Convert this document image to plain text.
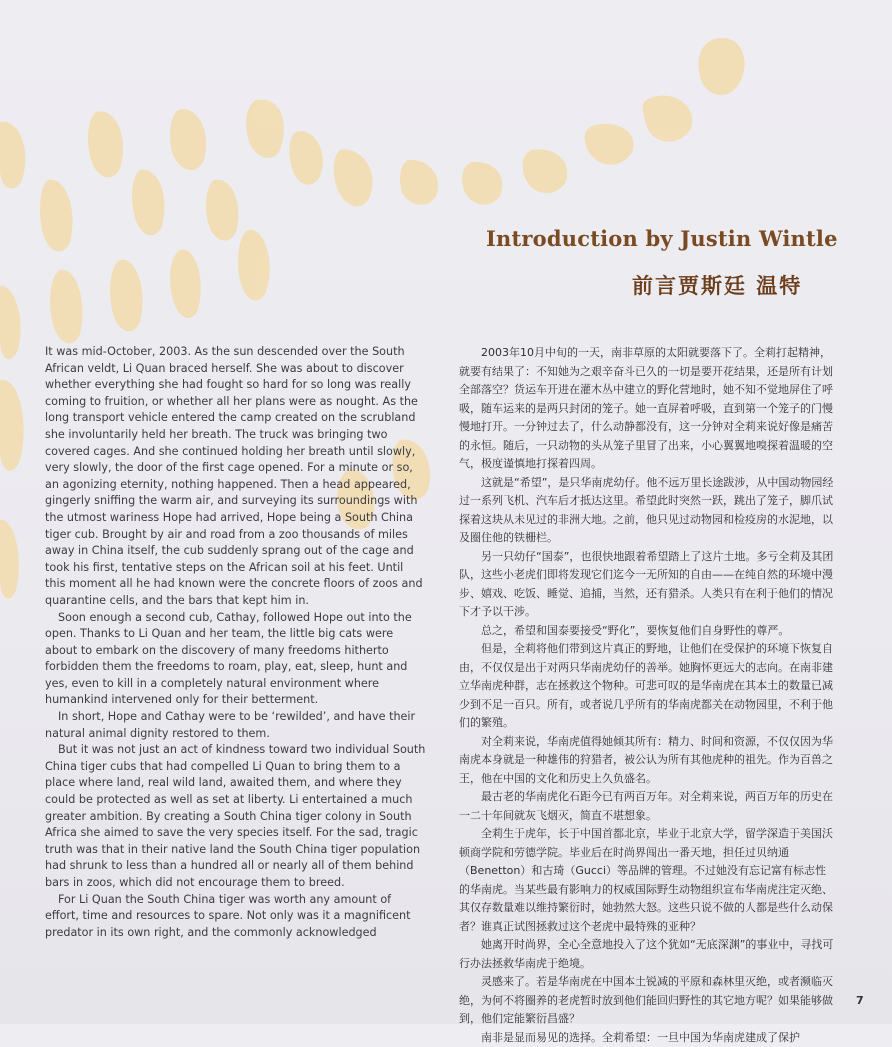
Introduction by Justin Wintle
前言贾斯廷 温特

It was mid-October, 2003. As the sun descended over the South African veldt, Li Quan braced herself. She was about to discover whether everything she had fought so hard for so long was really coming to fruition, or whether all her plans were as nought. As the long transport vehicle entered the camp created on the scrubland she involuntarily held her breath. The truck was bringing two covered cages. And she continued holding her breath until slowly, very slowly, the door of the first cage opened. For a minute or so, an agonizing eternity, nothing happened. Then a head appeared, gingerly sniffing the warm air, and surveying its surroundings with the utmost wariness Hope had arrived, Hope being a South China tiger cub. Brought by air and road from a zoo thousands of miles away in China itself, the cub suddenly sprang out of the cage and took his first, tentative steps on the African soil at his feet. Until this moment all he had known were the concrete floors of zoos and quarantine cells, and the bars that kept him in.

Soon enough a second cub, Cathay, followed Hope out into the open. Thanks to Li Quan and her team, the little big cats were about to embark on the discovery of many freedoms hitherto forbidden them the freedoms to roam, play, eat, sleep, hunt and yes, even to kill in a completely natural environment where humankind intervened only for their betterment.

In short, Hope and Cathay were to be ‘rewilded’, and have their natural animal dignity restored to them.

But it was not just an act of kindness toward two individual South China tiger cubs that had compelled Li Quan to bring them to a place where land, real wild land, awaited them, and where they could be protected as well as set at liberty. Li entertained a much greater ambition. By creating a South China tiger colony in South Africa she aimed to save the very species itself. For the sad, tragic truth was that in their native land the South China tiger population had shrunk to less than a hundred all or nearly all of them behind bars in zoos, which did not encourage them to breed.

For Li Quan the South China tiger was worth any amount of effort, time and resources to spare. Not only was it a magnificent predator in its own right, and the commonly acknowledged

2003年10月中旬的一天，南非草原的太阳就要落下了。全莉打起精神，就要有结果了：不知她为之艰辛奋斗已久的一切是要开花结果，还是所有计划全部落空？货运车开进在灌木丛中建立的野化营地时，她不知不觉地屏住了呼吸，随车运来的是两只封闭的笼子。她一直屏着呼吸，直到第一个笼子的门慢慢地打开。一分钟过去了，什么动静都没有，这一分钟对全莉来说好像是痛苦的永恒。随后，一只动物的头从笼子里冒了出来，小心翼翼地嗅探着温暖的空气，极度谨慎地打探着四周。

这就是“希望”，是只华南虎幼仔。他不远万里长途跋涉，从中国动物园经过一系列飞机、汽车后才抵达这里。希望此时突然一跃，跳出了笼子，脚爪试探着这块从未见过的非洲大地。之前，他只见过动物园和检疫房的水泥地，以及圈住他的铁栅栏。

另一只幼仔“国泰”，也很快地跟着希望踏上了这片土地。多亏全莉及其团队，这些小老虎们即将发现它们迄今一无所知的自由——在纯自然的环境中漫步、嬉戏、吃饭、睡觉、追捕，当然，还有猎杀。人类只有在利于他们的情况下才予以干涉。

总之，希望和国泰要接受“野化”，要恢复他们自身野性的尊严。

但是，全莉将他们带到这片真正的野地，让他们在受保护的环境下恢复自由，不仅仅是出于对两只华南虎幼仔的善举。她胸怀更远大的志向。在南非建立华南虎种群，志在拯救这个物种。可悲可叹的是华南虎在其本土的数量已减少到不足一百只。所有，或者说几乎所有的华南虎都关在动物园里，不利于他们的繁殖。

对全莉来说，华南虎值得她倾其所有：精力、时间和资源，不仅仅因为华南虎本身就是一种雄伟的狩猎者，被公认为所有其他虎种的祖先。作为百兽之王，他在中国的文化和历史上久负盛名。

最古老的华南虎化石距今已有两百万年。对全莉来说，两百万年的历史在一二十年间就灰飞烟灭，简直不堪想象。

全莉生于虎年，长于中国首都北京，毕业于北京大学，留学深造于美国沃顿商学院和劳德学院。毕业后在时尚界闯出一番天地，担任过贝纳通（Benetton）和古琦（Gucci）等品牌的管理。不过她没有忘记富有标志性的华南虎。当某些最有影响力的权威国际野生动物组织宣布华南虎注定灭绝、其仅存数量难以维持繁衍时，她勃然大怒。这些只说不做的人都是些什么动保者？谁真正试图拯救过这个老虎中最特殊的亚种？

她离开时尚界，全心全意地投入了这个犹如“无底深渊”的事业中，寻找可行办法拯救华南虎于绝境。

灵感来了。若是华南虎在中国本土锐减的平原和森林里灭绝，或者濒临灭绝，为何不将圈养的老虎暂时放到他们能回归野性的其它地方呢？如果能够做到，他们定能繁衍昌盛？

南非是显而易见的选择。全莉希望：一旦中国为华南虎建成了保护

7
